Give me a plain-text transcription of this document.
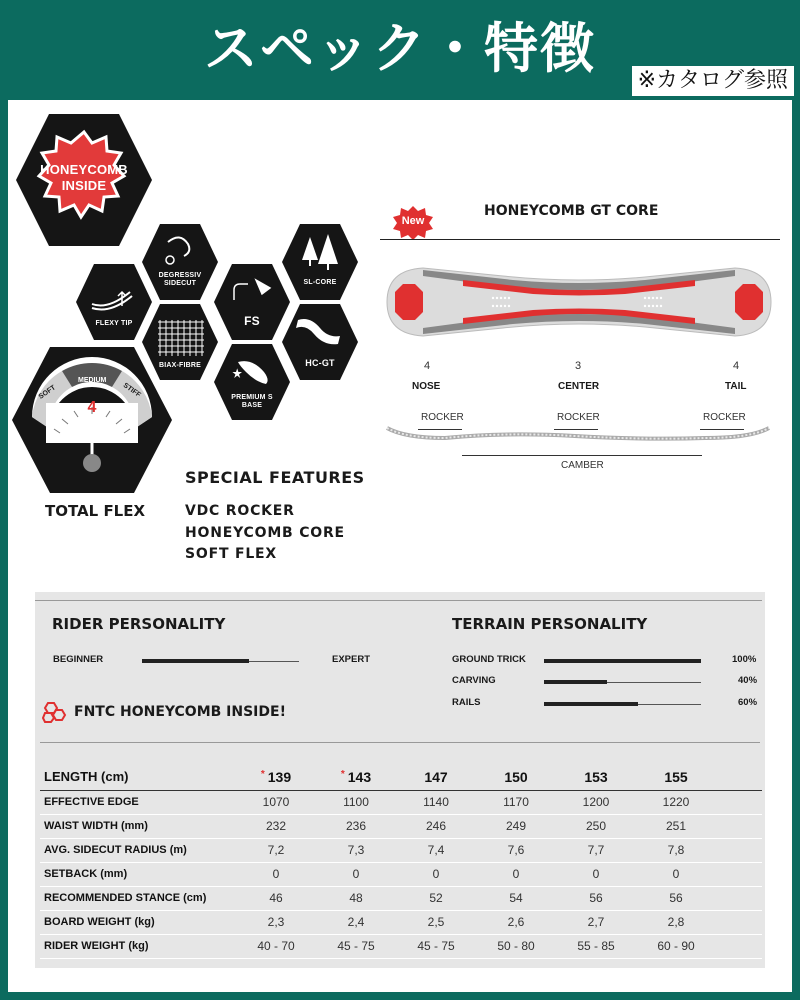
スペック・特徴
※カタログ参照
HONEYCOMB
INSIDE
DEGRESSIV
SIDECUT	SL-CORE
FLEXY TIP	FS
BIAX-FIBRE	HC-GT
PREMIUM S
BASE
SOFT
MEDIUM
STIFF
4
TOTAL FLEX
SPECIAL FEATURES
VDC ROCKER
HONEYCOMB CORE
SOFT FLEX
New
HONEYCOMB GT CORE
4
NOSE
3
CENTER
4
TAIL
ROCKER	ROCKER	ROCKER
CAMBER
RIDER PERSONALITY
BEGINNER	EXPERT
TERRAIN PERSONALITY
GROUND TRICK	100%
CARVING	40%
RAILS	60%
FNTC HONEYCOMB INSIDE!
LENGTH (cm)	* 139	* 143	147	150	153	155	
EFFECTIVE EDGE	1070	1100	1140	1170	1200	1220	
WAIST WIDTH (mm)	232	236	246	249	250	251	
AVG. SIDECUT RADIUS (m)	7,2	7,3	7,4	7,6	7,7	7,8	
SETBACK (mm)	0	0	0	0	0	0	
RECOMMENDED STANCE (cm)	46	48	52	54	56	56	
BOARD WEIGHT (kg)	2,3	2,4	2,5	2,6	2,7	2,8	
RIDER WEIGHT (kg)	40 - 70	45 - 75	45 - 75	50 - 80	55 - 85	60 - 90	
